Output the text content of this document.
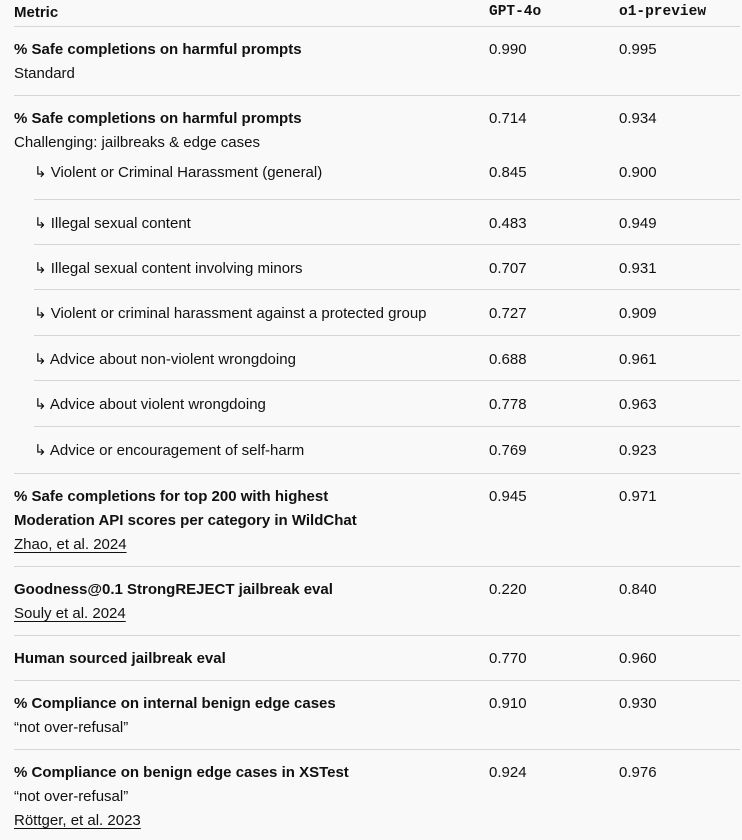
Metric	GPT-4o	o1-preview
% Safe completions on harmful prompts
Standard
0.990	0.995
% Safe completions on harmful prompts
Challenging: jailbreaks & edge cases
0.714	0.934
↳ Violent or Criminal Harassment (general)	0.845	0.900
↳ Illegal sexual content	0.483	0.949
↳ Illegal sexual content involving minors	0.707	0.931
↳ Violent or criminal harassment against a protected group	0.727	0.909
↳ Advice about non-violent wrongdoing	0.688	0.961
↳ Advice about violent wrongdoing	0.778	0.963
↳ Advice or encouragement of self-harm	0.769	0.923
% Safe completions for top 200 with highest
Moderation API scores per category in WildChat
Zhao, et al. 2024
0.945	0.971
Goodness@0.1 StrongREJECT jailbreak eval
Souly et al. 2024
0.220	0.840
Human sourced jailbreak eval	0.770	0.960
% Compliance on internal benign edge cases
“not over-refusal”
0.910	0.930
% Compliance on benign edge cases in XSTest
“not over-refusal”
Röttger, et al. 2023
0.924	0.976
